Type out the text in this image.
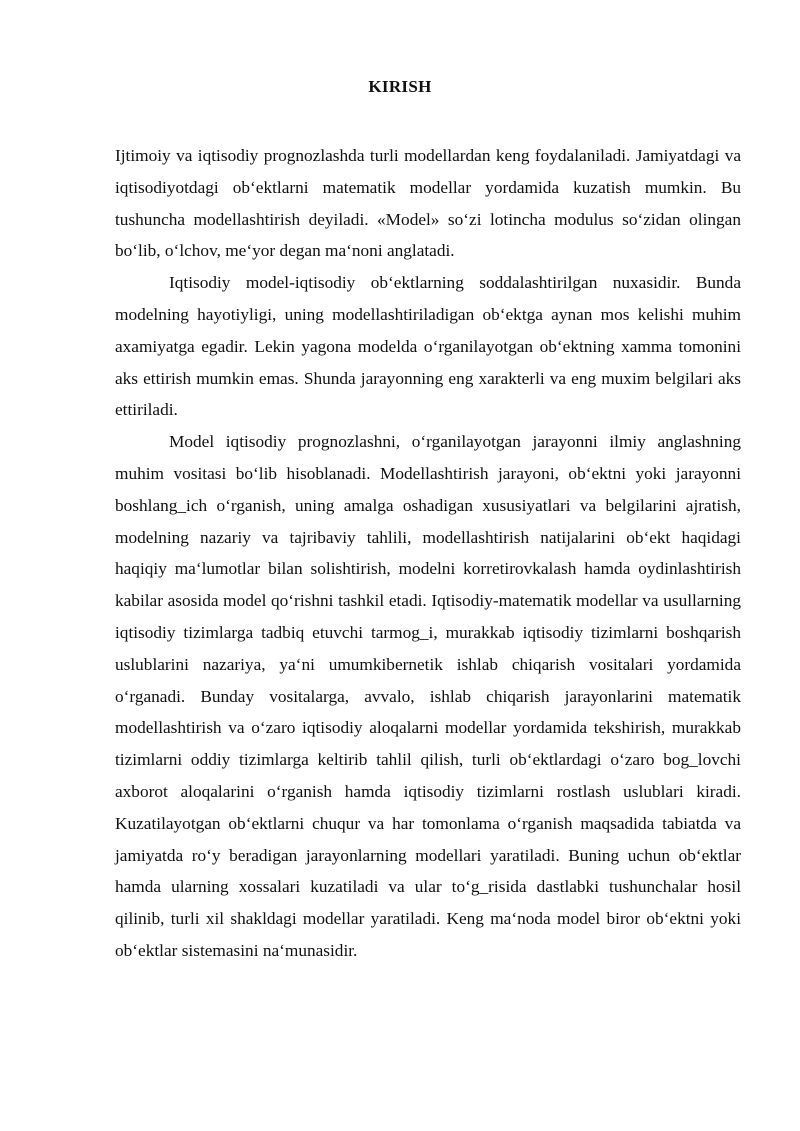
KIRISH

Ijtimoiy va iqtisodiy prognozlashda turli modellardan keng foydalaniladi. Jamiyatdagi va iqtisodiyotdagi ob‘ektlarni matematik modellar yordamida kuzatish mumkin. Bu tushuncha modellashtirish deyiladi. «Model» so‘zi lotincha modulus so‘zidan olingan bo‘lib, o‘lchov, me‘yor degan ma‘noni anglatadi.

Iqtisodiy model-iqtisodiy ob‘ektlarning soddalashtirilgan nuxasidir. Bunda modelning hayotiyligi, uning modellashtiriladigan ob‘ektga aynan mos kelishi muhim axamiyatga egadir. Lekin yagona modelda o‘rganilayotgan ob‘ektning xamma tomonini aks ettirish mumkin emas. Shunda jarayonning eng xarakterli va eng muxim belgilari aks ettiriladi.

Model iqtisodiy prognozlashni, o‘rganilayotgan jarayonni ilmiy anglashning muhim vositasi bo‘lib hisoblanadi. Modellashtirish jarayoni, ob‘ektni yoki jarayonni boshlang_ich o‘rganish, uning amalga oshadigan xususiyatlari va belgilarini ajratish, modelning nazariy va tajribaviy tahlili, modellashtirish natijalarini ob‘ekt haqidagi haqiqiy ma‘lumotlar bilan solishtirish, modelni korretirovkalash hamda oydinlashtirish kabilar asosida model qo‘rishni tashkil etadi. Iqtisodiy-matematik modellar va usullarning iqtisodiy tizimlarga tadbiq etuvchi tarmog_i, murakkab iqtisodiy tizimlarni boshqarish uslublarini nazariya, ya‘ni umumkibernetik ishlab chiqarish vositalari yordamida o‘rganadi. Bunday vositalarga, avvalo, ishlab chiqarish jarayonlarini matematik modellashtirish va o‘zaro iqtisodiy aloqalarni modellar yordamida tekshirish, murakkab tizimlarni oddiy tizimlarga keltirib tahlil qilish, turli ob‘ektlardagi o‘zaro bog_lovchi axborot aloqalarini o‘rganish hamda iqtisodiy tizimlarni rostlash uslublari kiradi. Kuzatilayotgan ob‘ektlarni chuqur va har tomonlama o‘rganish maqsadida tabiatda va jamiyatda ro‘y beradigan jarayonlarning modellari yaratiladi. Buning uchun ob‘ektlar hamda ularning xossalari kuzatiladi va ular to‘g_risida dastlabki tushunchalar hosil qilinib, turli xil shakldagi modellar yaratiladi. Keng ma‘noda model biror ob‘ektni yoki ob‘ektlar sistemasini na‘munasidir.
